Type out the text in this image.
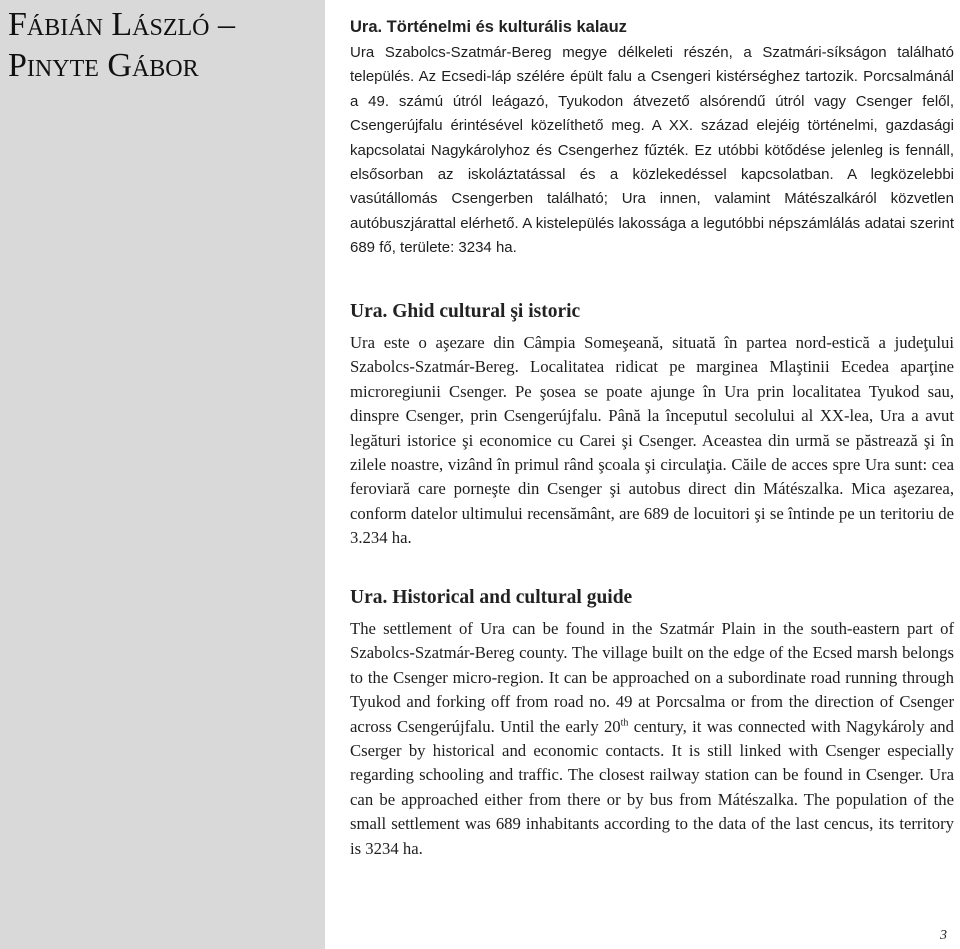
Fábián László –
Pinyte Gábor
Ura. Történelmi és kulturális kalauz

Ura Szabolcs-Szatmár-Bereg megye délkeleti részén, a Szatmári-síkságon található település. Az Ecsedi-láp szélére épült falu a Csengeri kistérséghez tartozik. Porcsalmánál a 49. számú útról leágazó, Tyukodon átvezető alsórendű útról vagy Csenger felől, Csengerújfalu érintésével közelíthető meg. A XX. század elejéig történelmi, gazdasági kapcsolatai Nagykárolyhoz és Csengerhez fűzték. Ez utóbbi kötődése jelenleg is fennáll, elsősorban az iskoláztatással és a közlekedéssel kapcsolatban. A legközelebbi vasútállomás Csengerben található; Ura innen, valamint Mátészalkáról közvetlen autóbuszjárattal elérhető. A kistelepülés lakossága a legutóbbi népszámlálás adatai szerint 689 fő, területe: 3234 ha.

Ura. Ghid cultural şi istoric

Ura este o aşezare din Câmpia Someşeană, situată în partea nord-estică a judeţului Szabolcs-Szatmár-Bereg. Localitatea ridicat pe marginea Mlaştinii Ecedea aparţine microregiunii Csenger. Pe şosea se poate ajunge în Ura prin localitatea Tyukod sau, dinspre Csenger, prin Csengerújfalu. Până la începutul secolului al XX-lea, Ura a avut legături istorice şi economice cu Carei şi Csenger. Aceastea din urmă se păstrează şi în zilele noastre, vizând în primul rând şcoala şi circulaţia. Căile de acces spre Ura sunt: cea feroviară care porneşte din Csenger şi autobus direct din Mátészalka. Mica aşezarea, conform datelor ultimului recensământ, are 689 de locuitori şi se întinde pe un teritoriu de 3.234 ha.

Ura. Historical and cultural guide

The settlement of Ura can be found in the Szatmár Plain in the south-eastern part of Szabolcs-Szatmár-Bereg county. The village built on the edge of the Ecsed marsh belongs to the Csenger micro-region. It can be approached on a subordinate road running through Tyukod and forking off from road no. 49 at Porcsalma or from the direction of Csenger across Csengerújfalu. Until the early 20th century, it was connected with Nagykároly and Cserger by historical and economic contacts. It is still linked with Csenger especially regarding schooling and traffic. The closest railway station can be found in Csenger. Ura can be approached either from there or by bus from Mátészalka. The population of the small settlement was 689 inhabitants according to the data of the last cencus, its territory is 3234 ha.

3
